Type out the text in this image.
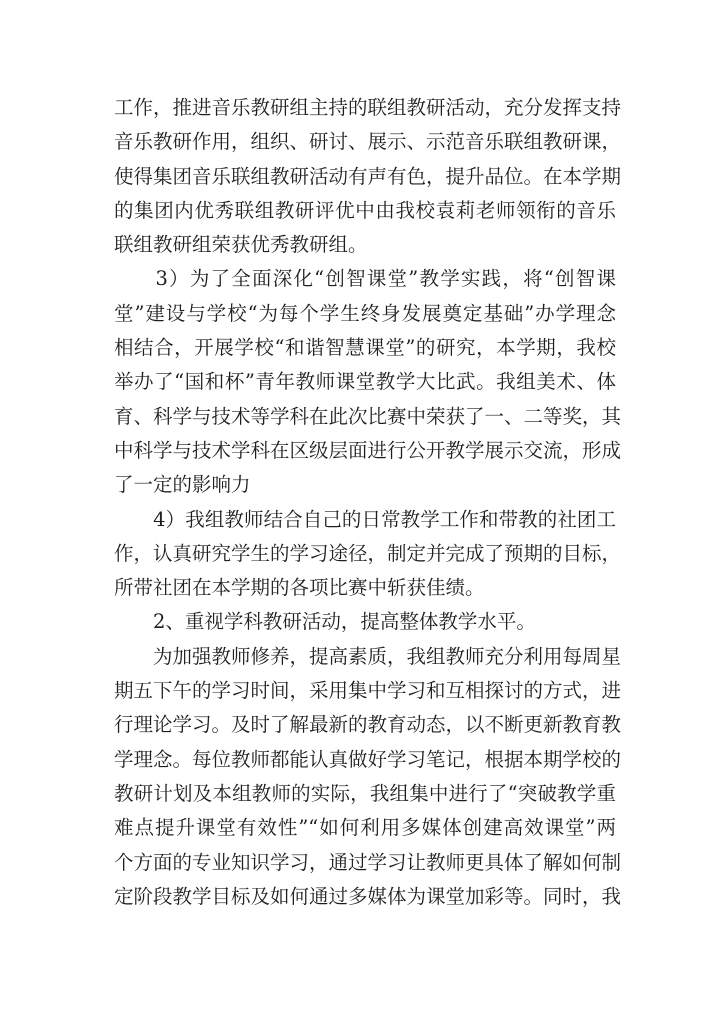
工作，推进音乐教研组主持的联组教研活动，充分发挥支持
音乐教研作用，组织、研讨、展示、示范音乐联组教研课，
使得集团音乐联组教研活动有声有色，提升品位。在本学期
的集团内优秀联组教研评优中由我校袁莉老师领衔的音乐
联组教研组荣获优秀教研组。
　　3）为了全面深化“创智课堂”教学实践，将“创智课
堂”建设与学校“为每个学生终身发展奠定基础”办学理念
相结合，开展学校“和谐智慧课堂”的研究，本学期，我校
举办了“国和杯”青年教师课堂教学大比武。我组美术、体
育、科学与技术等学科在此次比赛中荣获了一、二等奖，其
中科学与技术学科在区级层面进行公开教学展示交流，形成
了一定的影响力
　　4）我组教师结合自己的日常教学工作和带教的社团工
作，认真研究学生的学习途径，制定并完成了预期的目标，
所带社团在本学期的各项比赛中斩获佳绩。
　　2、重视学科教研活动，提高整体教学水平。
　　为加强教师修养，提高素质，我组教师充分利用每周星
期五下午的学习时间，采用集中学习和互相探讨的方式，进
行理论学习。及时了解最新的教育动态，以不断更新教育教
学理念。每位教师都能认真做好学习笔记，根据本期学校的
教研计划及本组教师的实际，我组集中进行了“突破教学重
难点提升课堂有效性”“如何利用多媒体创建高效课堂”两
个方面的专业知识学习，通过学习让教师更具体了解如何制
定阶段教学目标及如何通过多媒体为课堂加彩等。同时，我
